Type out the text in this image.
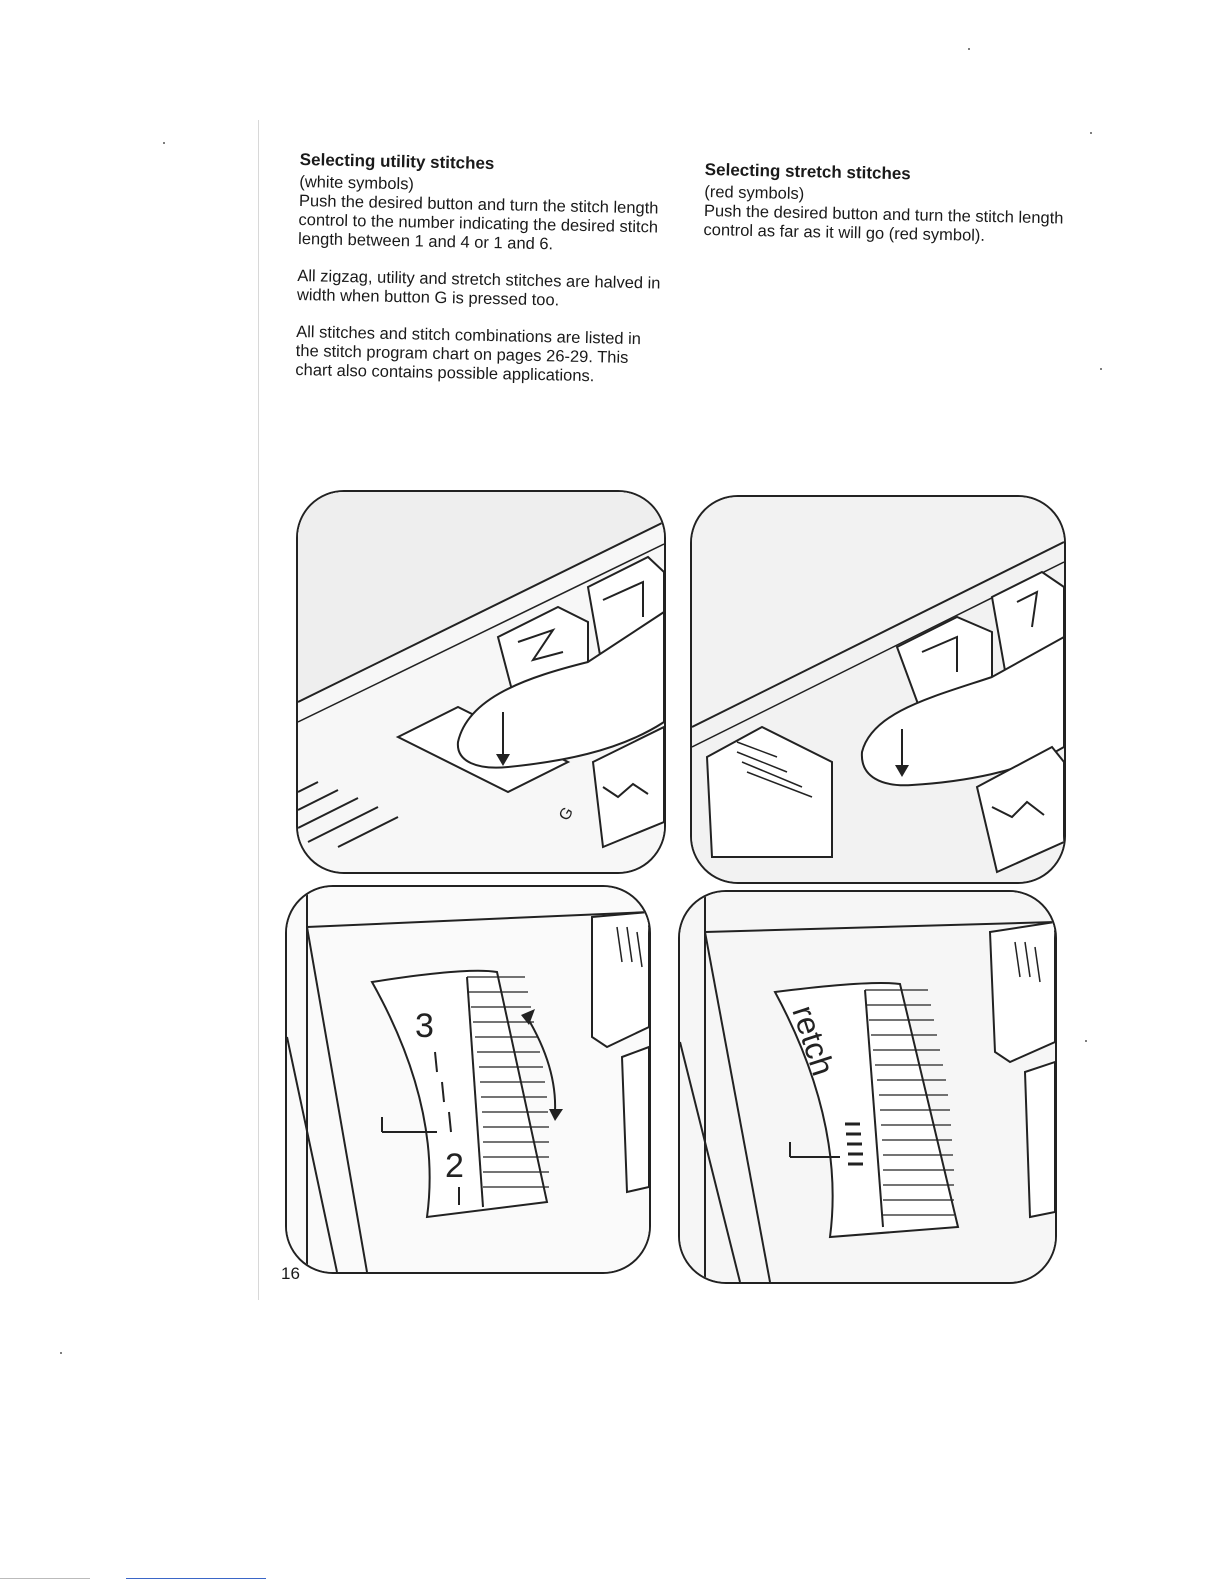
Selecting utility stitches

(white symbols)

Push the desired button and turn the stitch length control to the number indicating the desired stitch length between 1 and 4 or 1 and 6.

All zigzag, utility and stretch stitches are halved in width when button G is pressed too.

All stitches and stitch combinations are listed in the stitch program chart on pages 26-29. This chart also contains possible applications.

Selecting stretch stitches

(red symbols)

Push the desired button and turn the stitch length control as far as it will go (red symbol).

G
3
2
retch
16
